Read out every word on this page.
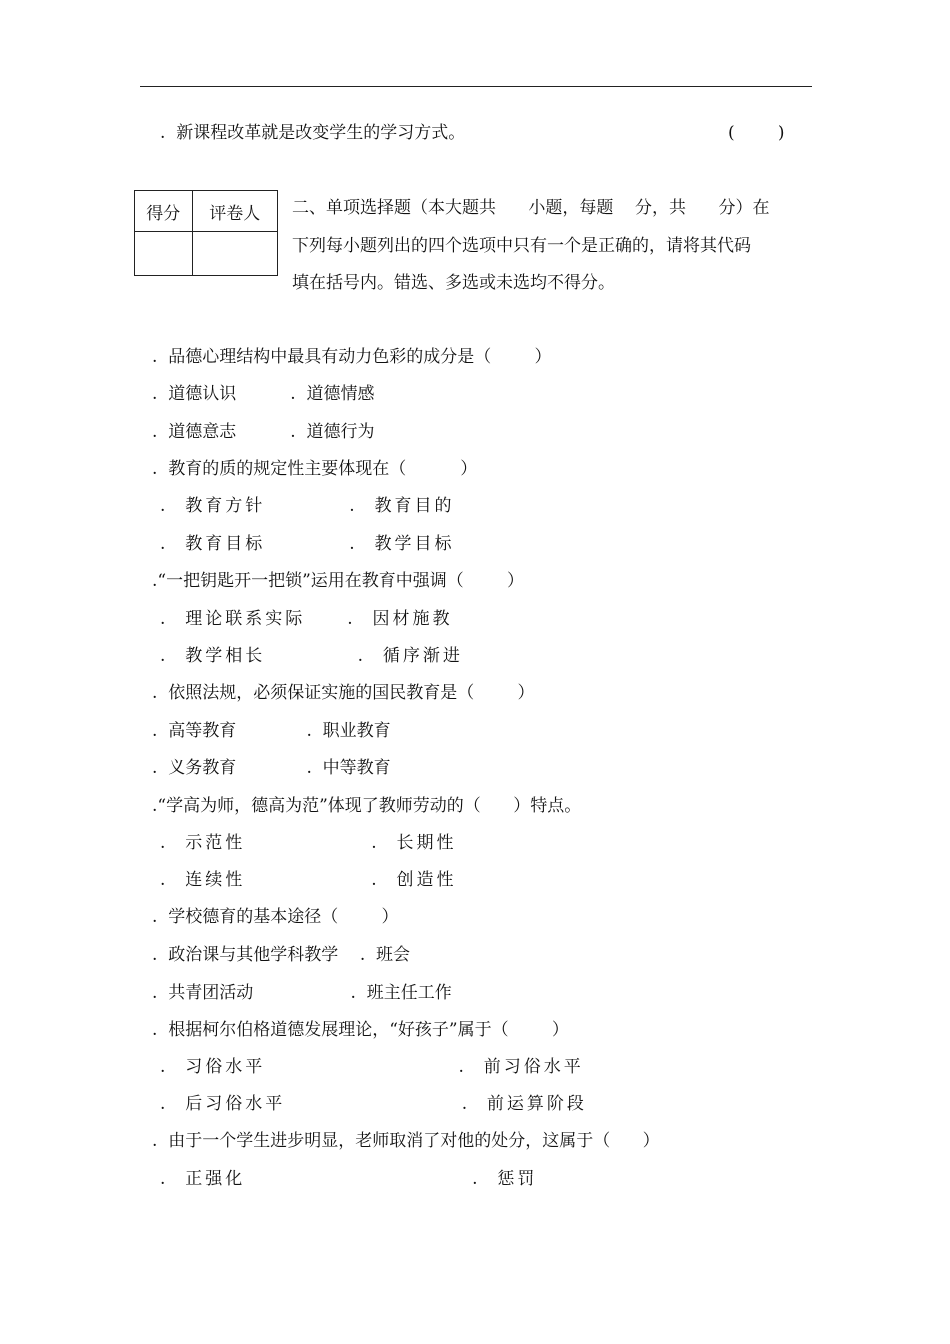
.  新课程改革就是改变学生的学习方式。	(        )
得分	评卷人
	二、单项选择题（本大题共      小题，每题    分，共      分）在
下列每小题列出的四个选项中只有一个是正确的，请将其代码
填在括号内。错选、多选或未选均不得分。
.  品德心理结构中最具有动力色彩的成分是（        ）
.  道德认识          .  道德情感
.  道德意志          .  道德行为
.  教育的质的规定性主要体现在（          ）
.  教育方针          .  教育目的
.  教育目标          .  教学目标
.“一把钥匙开一把锁”运用在教育中强调（        ）
.  理论联系实际     .  因材施教
.  教学相长           .  循序渐进
.  依照法规，必须保证实施的国民教育是（        ）
.  高等教育             .  职业教育
.  义务教育             .  中等教育
.“学高为师，德高为范”体现了教师劳动的（      ）特点。
.  示范性               .  长期性
.  连续性               .  创造性
.  学校德育的基本途径（        ）
.  政治课与其他学科教学    .  班会
.  共青团活动                  .  班主任工作
.  根据柯尔伯格道德发展理论，“好孩子”属于（        ）
.  习俗水平                       .  前习俗水平
.  后习俗水平                     .  前运算阶段
.  由于一个学生进步明显，老师取消了对他的处分，这属于（      ）
.  正强化                           .  惩罚
